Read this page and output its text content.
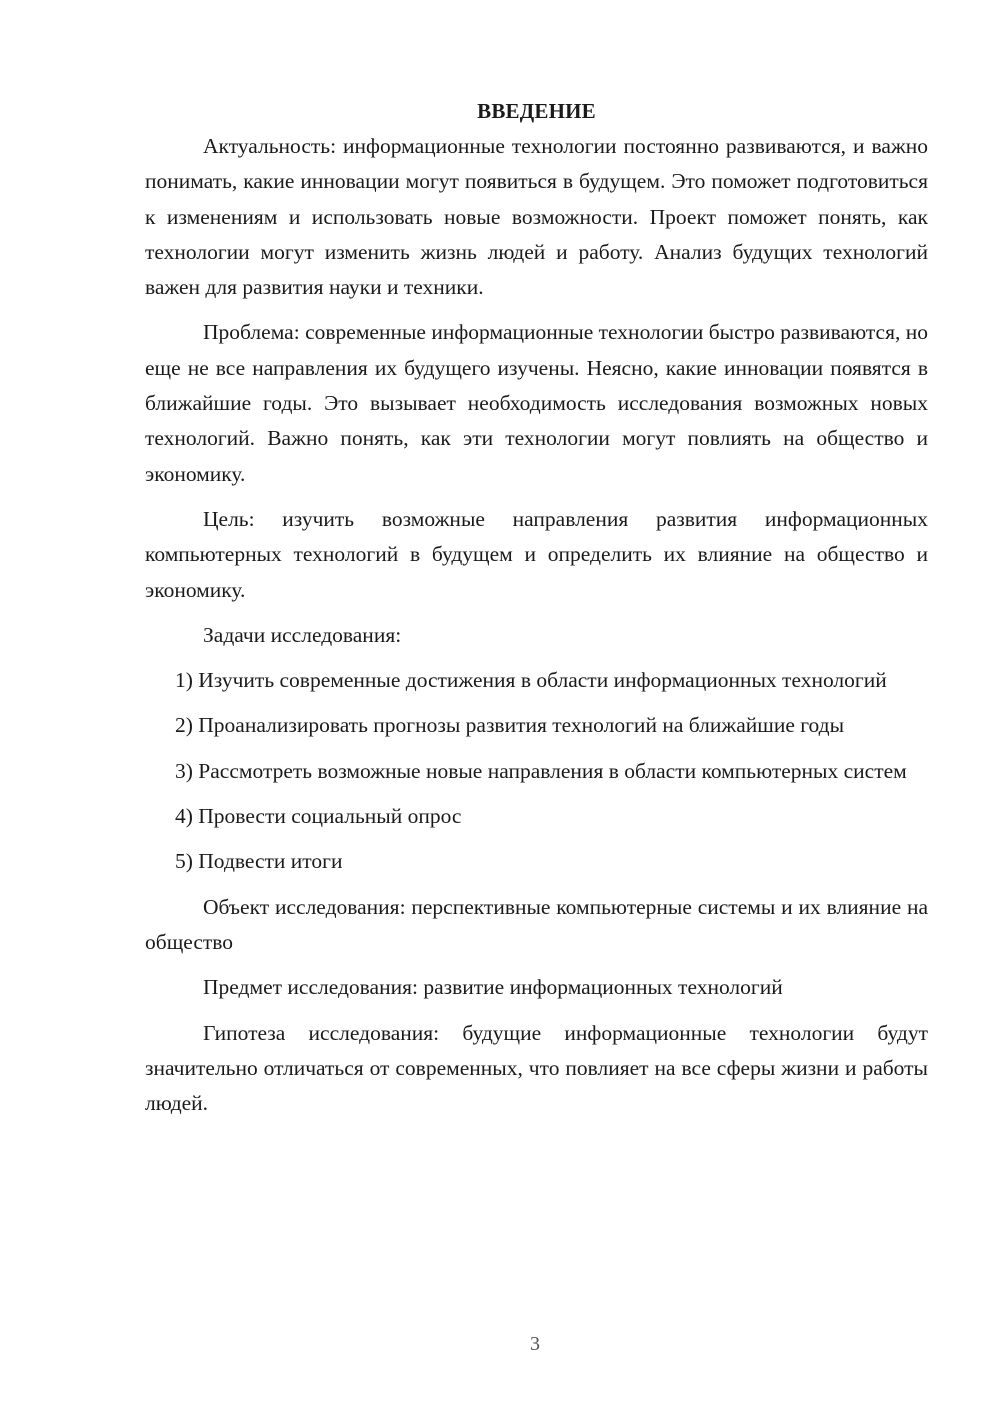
ВВЕДЕНИЕ

Актуальность: информационные технологии постоянно развиваются, и важно понимать, какие инновации могут появиться в будущем. Это поможет подготовиться к изменениям и использовать новые возможности. Проект поможет понять, как технологии могут изменить жизнь людей и работу. Анализ будущих технологий важен для развития науки и техники.

Проблема: современные информационные технологии быстро развиваются, но еще не все направления их будущего изучены. Неясно, какие инновации появятся в ближайшие годы. Это вызывает необходимость исследования возможных новых технологий. Важно понять, как эти технологии могут повлиять на общество и экономику.

Цель: изучить возможные направления развития информационных компьютерных технологий в будущем и определить их влияние на общество и экономику.

Задачи исследования:

1) Изучить современные достижения в области информационных технологий

2) Проанализировать прогнозы развития технологий на ближайшие годы

3) Рассмотреть возможные новые направления в области компьютерных систем

4) Провести социальный опрос

5) Подвести итоги

Объект исследования: перспективные компьютерные системы и их влияние на общество

Предмет исследования: развитие информационных технологий

Гипотеза исследования: будущие информационные технологии будут значительно отличаться от современных, что повлияет на все сферы жизни и работы людей.

3
